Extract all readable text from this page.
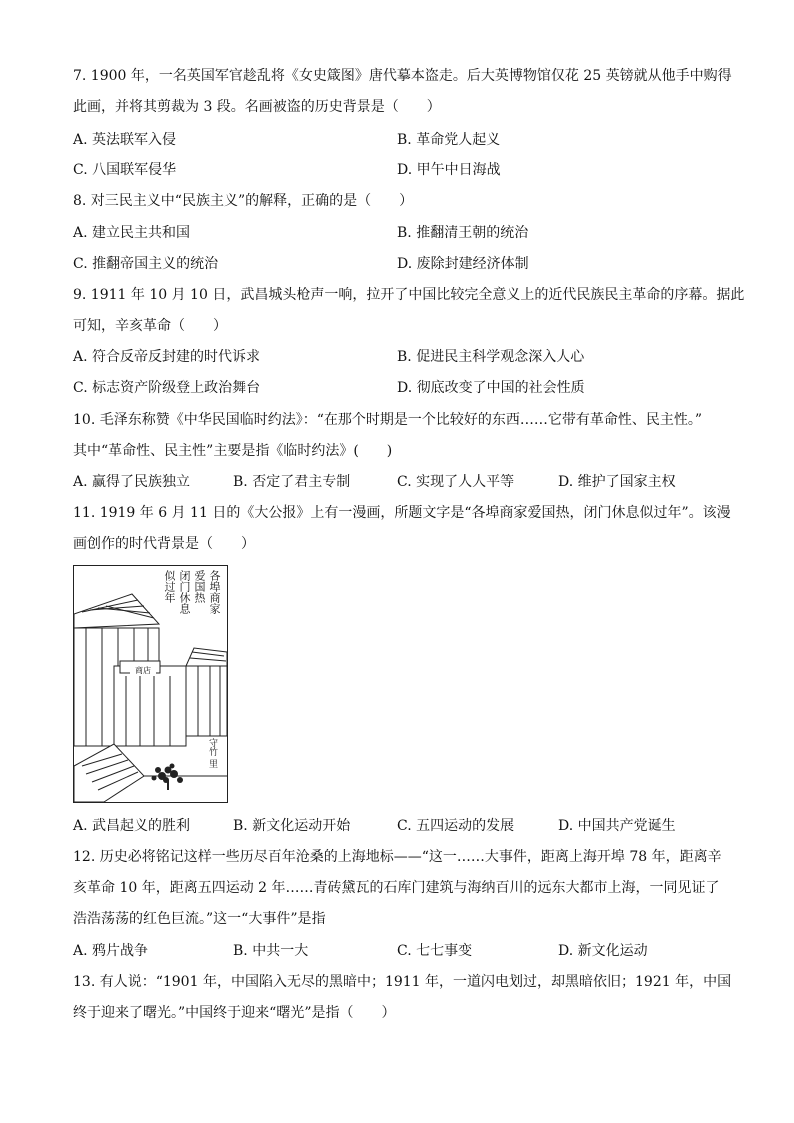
7. 1900 年，一名英国军官趁乱将《女史箴图》唐代摹本盗走。后大英博物馆仅花 25 英镑就从他手中购得
此画，并将其剪裁为 3 段。名画被盗的历史背景是（　　）
A. 英法联军入侵	B. 革命党人起义
C. 八国联军侵华	D. 甲午中日海战
8. 对三民主义中“民族主义”的解释，正确的是（　　）
A. 建立民主共和国	B. 推翻清王朝的统治
C. 推翻帝国主义的统治	D. 废除封建经济体制
9. 1911 年 10 月 10 日，武昌城头枪声一响，拉开了中国比较完全意义上的近代民族民主革命的序幕。据此
可知，辛亥革命（　　）
A. 符合反帝反封建的时代诉求	B. 促进民主科学观念深入人心
C. 标志资产阶级登上政治舞台	D. 彻底改变了中国的社会性质
10. 毛泽东称赞《中华民国临时约法》：“在那个时期是一个比较好的东西……它带有革命性、民主性。”
其中“革命性、民主性”主要是指《临时约法》(　　)
A. 赢得了民族独立	B. 否定了君主专制	C. 实现了人人平等	D. 维护了国家主权
11. 1919 年 6 月 11 日的《大公报》上有一漫画，所题文字是“各埠商家爱国热，闭门休息似过年”。该漫
画创作的时代背景是（　　）
商店
各埠商家
爱国热
闭门休息
似过年
守竹 里
A. 武昌起义的胜利	B. 新文化运动开始	C. 五四运动的发展	D. 中国共产党诞生
12. 历史必将铭记这样一些历尽百年沧桑的上海地标——“这一……大事件，距离上海开埠 78 年，距离辛
亥革命 10 年，距离五四运动 2 年……青砖黛瓦的石库门建筑与海纳百川的远东大都市上海，一同见证了
浩浩荡荡的红色巨流。”这一“大事件”是指
A. 鸦片战争	B. 中共一大	C. 七七事变	D. 新文化运动
13. 有人说：“1901 年，中国陷入无尽的黑暗中；1911 年，一道闪电划过，却黑暗依旧；1921 年，中国
终于迎来了曙光。”中国终于迎来“曙光”是指（　　）
